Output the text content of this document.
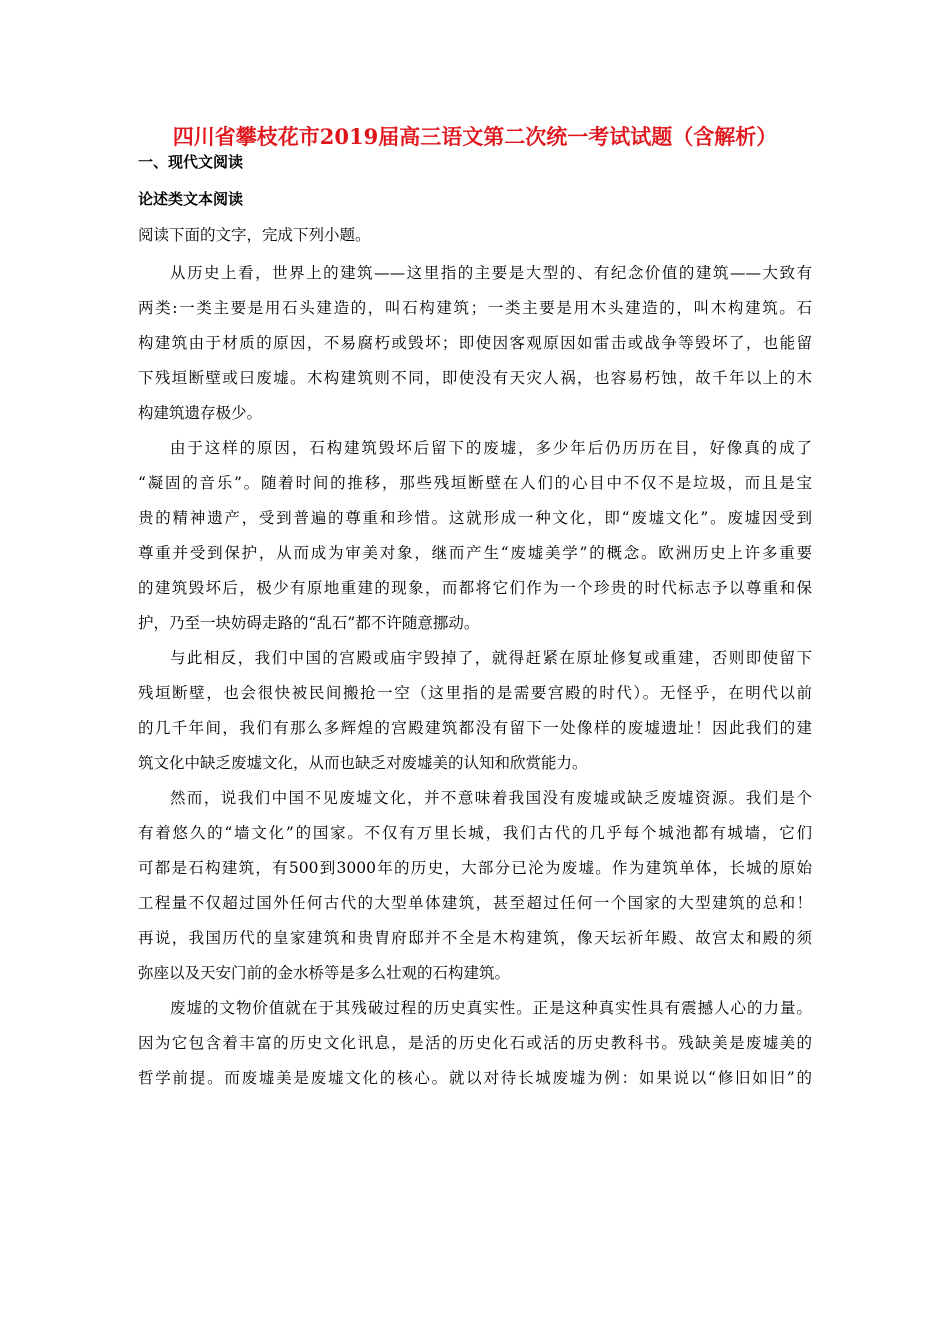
四川省攀枝花市2019届高三语文第二次统一考试试题（含解析）
一、现代文阅读
论述类文本阅读
阅读下面的文字，完成下列小题。
从历史上看，世界上的建筑——这里指的主要是大型的、有纪念价值的建筑——大致有
两类:一类主要是用石头建造的，叫石构建筑；一类主要是用木头建造的，叫木构建筑。石
构建筑由于材质的原因，不易腐朽或毁坏；即使因客观原因如雷击或战争等毁坏了，也能留
下残垣断壁或曰废墟。木构建筑则不同，即使没有天灾人祸，也容易朽蚀，故千年以上的木
构建筑遗存极少。
由于这样的原因，石构建筑毁坏后留下的废墟，多少年后仍历历在目，好像真的成了
“凝固的音乐”。随着时间的推移，那些残垣断壁在人们的心目中不仅不是垃圾，而且是宝
贵的精神遗产，受到普遍的尊重和珍惜。这就形成一种文化，即“废墟文化”。废墟因受到
尊重并受到保护，从而成为审美对象，继而产生“废墟美学”的概念。欧洲历史上许多重要
的建筑毁坏后，极少有原地重建的现象，而都将它们作为一个珍贵的时代标志予以尊重和保
护，乃至一块妨碍走路的“乱石”都不许随意挪动。
与此相反，我们中国的宫殿或庙宇毁掉了，就得赶紧在原址修复或重建，否则即使留下
残垣断壁，也会很快被民间搬抢一空（这里指的是需要宫殿的时代）。无怪乎，在明代以前
的几千年间，我们有那么多辉煌的宫殿建筑都没有留下一处像样的废墟遗址！因此我们的建
筑文化中缺乏废墟文化，从而也缺乏对废墟美的认知和欣赏能力。
然而，说我们中国不见废墟文化，并不意味着我国没有废墟或缺乏废墟资源。我们是个
有着悠久的“墙文化”的国家。不仅有万里长城，我们古代的几乎每个城池都有城墙，它们
可都是石构建筑，有500到3000年的历史，大部分已沦为废墟。作为建筑单体，长城的原始
工程量不仅超过国外任何古代的大型单体建筑，甚至超过任何一个国家的大型建筑的总和！
再说，我国历代的皇家建筑和贵胄府邸并不全是木构建筑，像天坛祈年殿、故宫太和殿的须
弥座以及天安门前的金水桥等是多么壮观的石构建筑。
废墟的文物价值就在于其残破过程的历史真实性。正是这种真实性具有震撼人心的力量。
因为它包含着丰富的历史文化讯息，是活的历史化石或活的历史教科书。残缺美是废墟美的
哲学前提。而废墟美是废墟文化的核心。就以对待长城废墟为例：如果说以“修旧如旧”的
